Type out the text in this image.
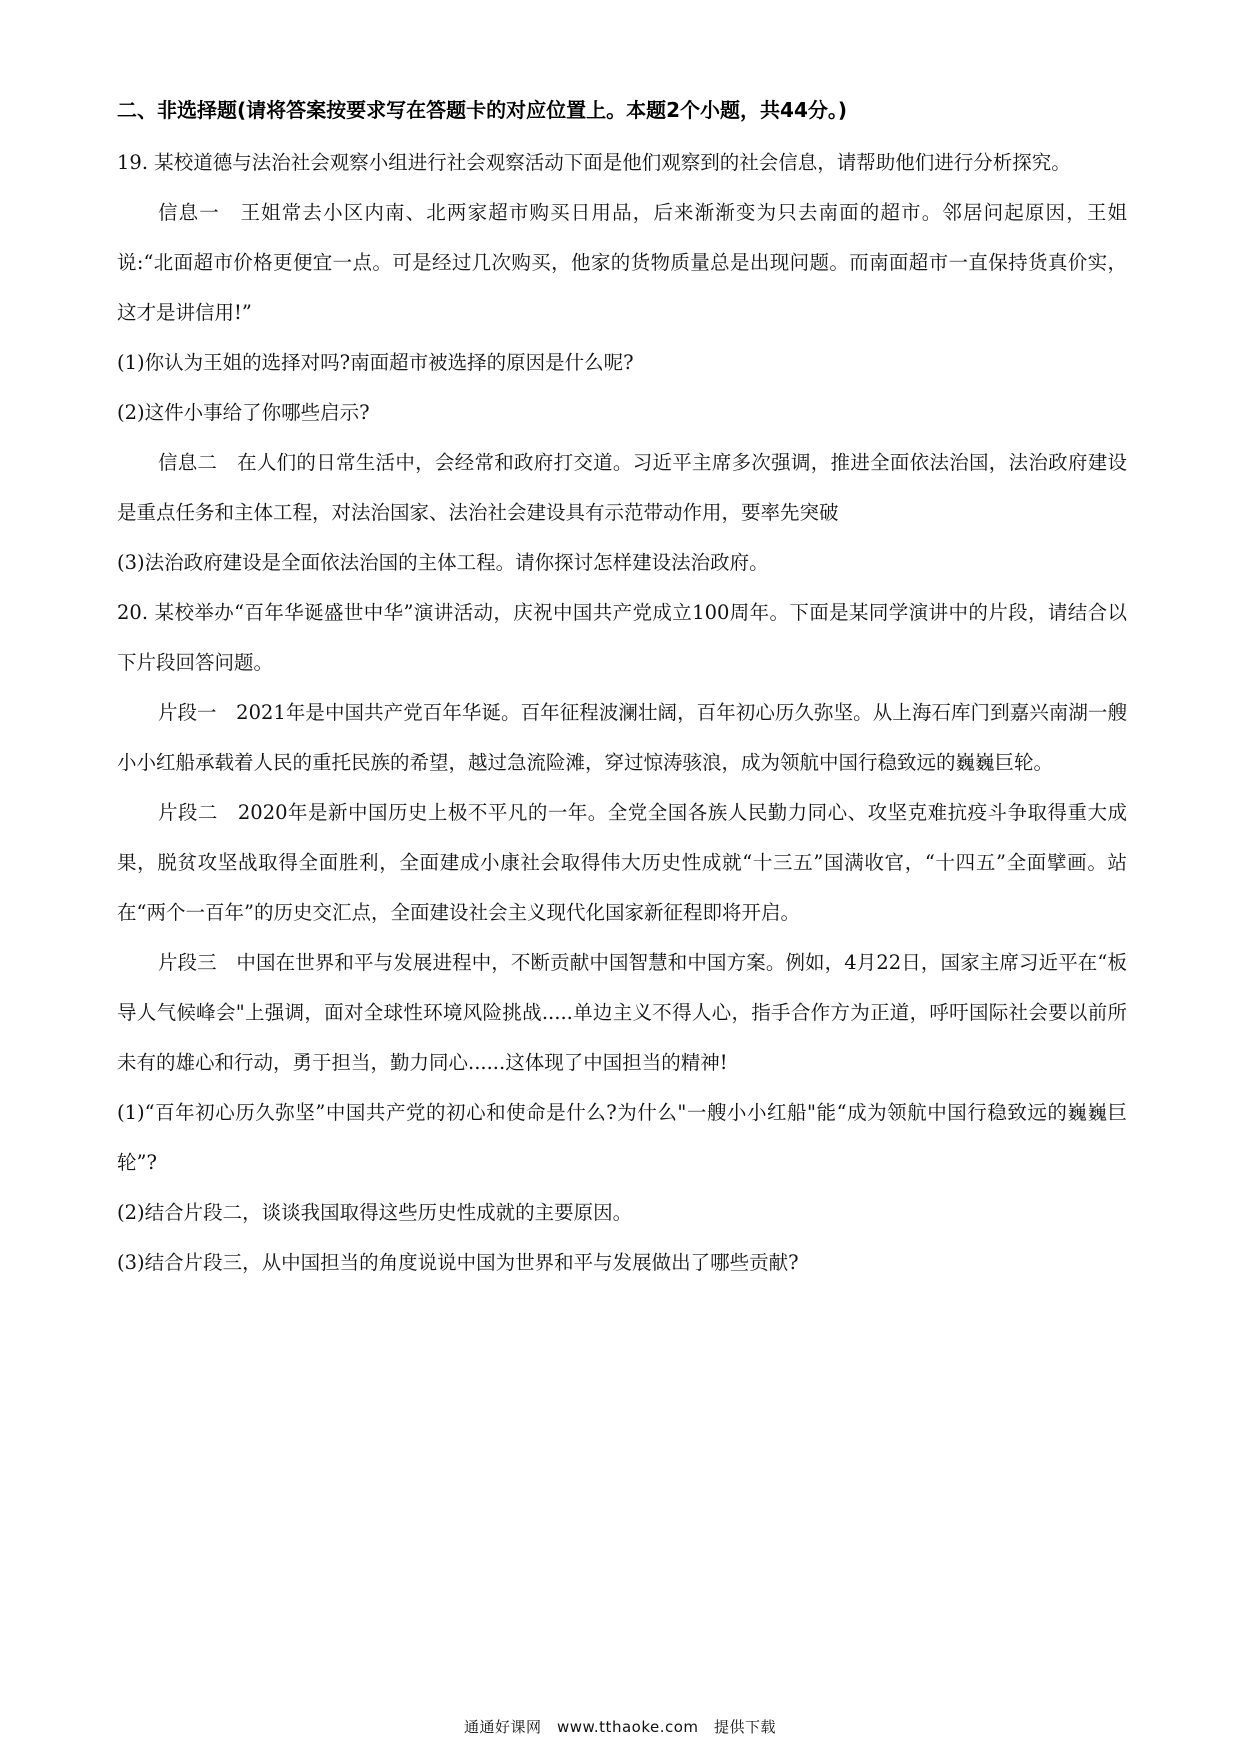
二、非选择题(请将答案按要求写在答题卡的对应位置上。本题2个小题，共44分。)

19. 某校道德与法治社会观察小组进行社会观察活动下面是他们观察到的社会信息，请帮助他们进行分析探究。

信息一　王姐常去小区内南、北两家超市购买日用品，后来渐渐变为只去南面的超市。邻居问起原因，王姐说:“北面超市价格更便宜一点。可是经过几次购买，他家的货物质量总是出现问题。而南面超市一直保持货真价实，这才是讲信用!”

(1)你认为王姐的选择对吗?南面超市被选择的原因是什么呢?

(2)这件小事给了你哪些启示?

信息二　在人们的日常生活中，会经常和政府打交道。习近平主席多次强调，推进全面依法治国，法治政府建设是重点任务和主体工程，对法治国家、法治社会建设具有示范带动作用，要率先突破

(3)法治政府建设是全面依法治国的主体工程。请你探讨怎样建设法治政府。

20. 某校举办“百年华诞盛世中华”演讲活动，庆祝中国共产党成立100周年。下面是某同学演讲中的片段，请结合以下片段回答问题。

片段一　2021年是中国共产党百年华诞。百年征程波澜壮阔，百年初心历久弥坚。从上海石库门到嘉兴南湖一艘小小红船承载着人民的重托民族的希望，越过急流险滩，穿过惊涛骇浪，成为领航中国行稳致远的巍巍巨轮。

片段二　2020年是新中国历史上极不平凡的一年。全党全国各族人民勤力同心、攻坚克难抗疫斗争取得重大成果，脱贫攻坚战取得全面胜利，全面建成小康社会取得伟大历史性成就“十三五”国满收官，“十四五”全面擘画。站在“两个一百年”的历史交汇点，全面建设社会主义现代化国家新征程即将开启。

片段三　中国在世界和平与发展进程中，不断贡献中国智慧和中国方案。例如，4月22日，国家主席习近平在“板导人气候峰会"上强调，面对全球性环境风险挑战.....单边主义不得人心，指手合作方为正道，呼吁国际社会要以前所未有的雄心和行动，勇于担当，勤力同心......这体现了中国担当的精神!

(1)“百年初心历久弥坚”中国共产党的初心和使命是什么?为什么"一艘小小红船"能“成为领航中国行稳致远的巍巍巨轮”?

(2)结合片段二，谈谈我国取得这些历史性成就的主要原因。

(3)结合片段三，从中国担当的角度说说中国为世界和平与发展做出了哪些贡献?

通通好课网　www.tthaoke.com　提供下载
